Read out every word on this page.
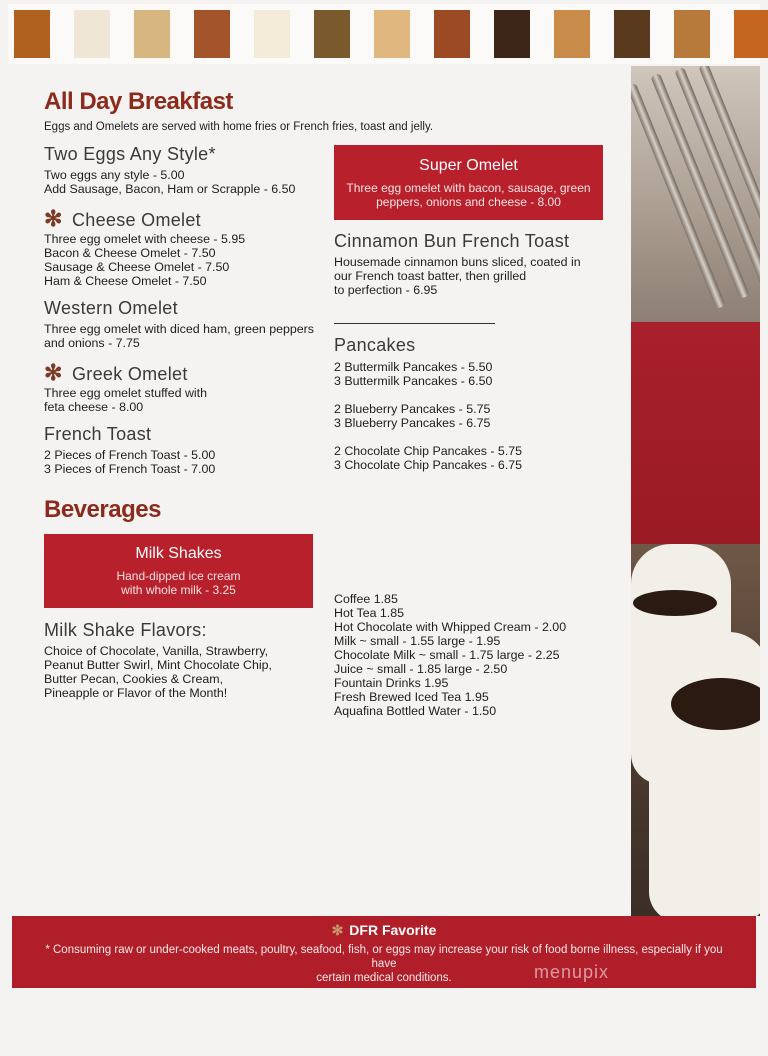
All Day Breakfast
Eggs and Omelets are served with home fries or French fries, toast and jelly.
Two Eggs Any Style*
Two eggs any style - 5.00
Add Sausage, Bacon, Ham or Scrapple - 6.50
✻ Cheese Omelet
Three egg omelet with cheese - 5.95
Bacon & Cheese Omelet - 7.50
Sausage & Cheese Omelet - 7.50
Ham & Cheese Omelet - 7.50
Western Omelet
Three egg omelet with diced ham, green peppers
and onions - 7.75
✻ Greek Omelet
Three egg omelet stuffed with
feta cheese - 8.00
French Toast
2 Pieces of French Toast - 5.00
3 Pieces of French Toast - 7.00
Super Omelet
Three egg omelet with bacon, sausage, green
peppers, onions and cheese - 8.00
Cinnamon Bun French Toast
Housemade cinnamon buns sliced, coated in
our French toast batter, then grilled
to perfection - 6.95
Pancakes
2 Buttermilk Pancakes - 5.50
3 Buttermilk Pancakes - 6.50
2 Blueberry Pancakes - 5.75
3 Blueberry Pancakes - 6.75
2 Chocolate Chip Pancakes - 5.75
3 Chocolate Chip Pancakes - 6.75
Beverages
Milk Shakes
Hand-dipped ice cream
with whole milk - 3.25
Milk Shake Flavors:
Choice of Chocolate, Vanilla, Strawberry,
Peanut Butter Swirl, Mint Chocolate Chip,
Butter Pecan, Cookies & Cream,
Pineapple or Flavor of the Month!
Coffee 1.85
Hot Tea 1.85
Hot Chocolate with Whipped Cream - 2.00
Milk ~ small - 1.55 large - 1.95
Chocolate Milk ~ small - 1.75 large - 2.25
Juice ~ small - 1.85 large - 2.50
Fountain Drinks 1.95
Fresh Brewed Iced Tea 1.95
Aquafina Bottled Water - 1.50
✻ DFR Favorite
* Consuming raw or under-cooked meats, poultry, seafood, fish, or eggs may increase your risk of food borne illness, especially if you have
certain medical conditions.	menupix
